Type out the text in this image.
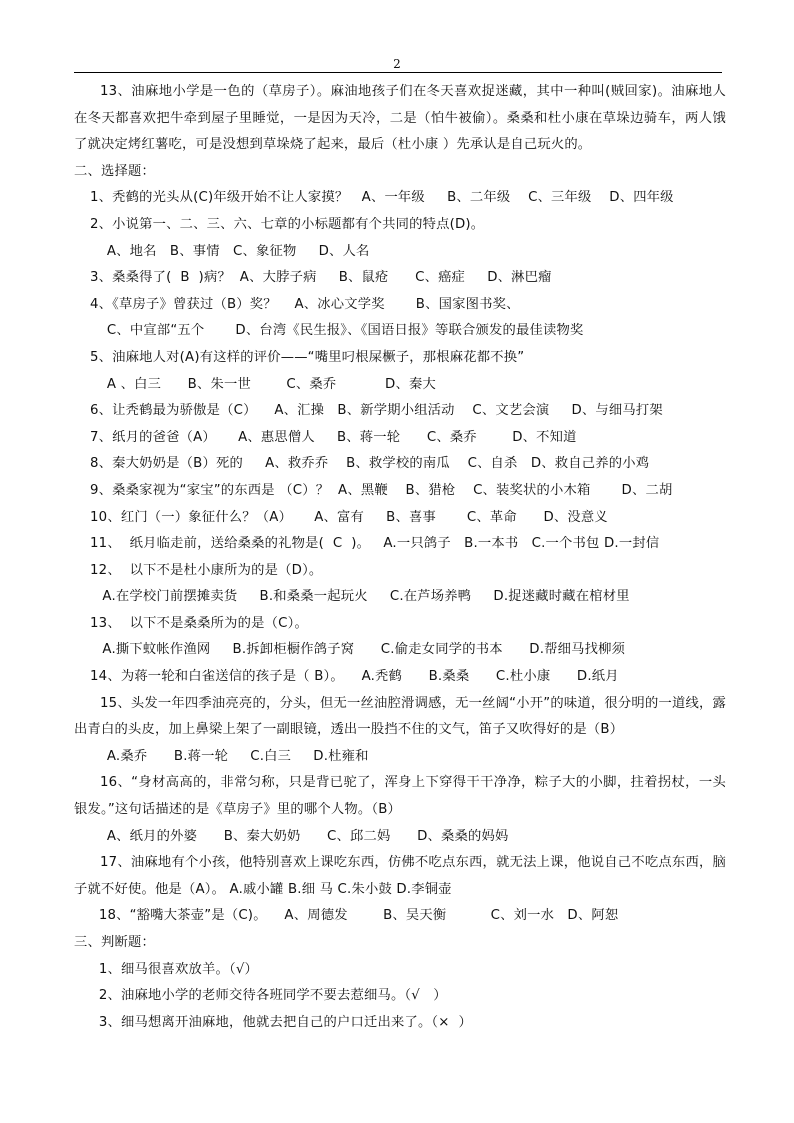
2
13、油麻地小学是一色的（草房子）。麻油地孩子们在冬天喜欢捉迷藏，其中一种叫(贼回家)。油麻地人在冬天都喜欢把牛牵到屋子里睡觉，一是因为天冷，二是（怕牛被偷）。桑桑和杜小康在草垛边骑车，两人饿了就决定烤红薯吃，可是没想到草垛烧了起来，最后（杜小康 ）先承认是自己玩火的。
二、选择题：
1、秃鹤的光头从(C)年级开始不让人家摸？   A、一年级     B、二年级    C、三年级    D、四年级
2、小说第一、二、三、六、七章的小标题都有个共同的特点(D)。
A、地名   B、事情   C、象征物     D、人名
3、桑桑得了(  B  )病？  A、大脖子病     B、鼠疮      C、癌症     D、淋巴瘤
4、《草房子》曾获过（B）奖？    A、冰心文学奖       B、国家图书奖、
C、中宣部“五个       D、台湾《民生报》、《国语日报》等联合颁发的最佳读物奖
5、油麻地人对(A)有这样的评价——“嘴里叼根屎橛子，那根麻花都不换”
A 、白三      B、朱一世        C、桑乔           D、秦大
6、让秃鹤最为骄傲是（C）    A、汇操   B、新学期小组活动    C、文艺会演     D、与细马打架
7、纸月的爸爸（A）     A、惠思僧人     B、蒋一轮      C、桑乔        D、不知道
8、秦大奶奶是（B）死的     A、救乔乔    B、救学校的南瓜    C、自杀   D、救自己养的小鸡
9、桑桑家视为“家宝”的东西是 （C）？  A、黑鞭    B、猎枪    C、装奖状的小木箱       D、二胡
10、红门（一）象征什么？（A）     A、富有     B、喜事       C、革命      D、没意义
11、  纸月临走前，送给桑桑的礼物是(  C  )。   A.一只鸽子   B.一本书   C.一个书包 D.一封信
12、  以下不是杜小康所为的是（D）。
A.在学校门前摆摊卖货     B.和桑桑一起玩火     C.在芦场养鸭     D.捉迷藏时藏在棺材里
13、  以下不是桑桑所为的是（C）。
A.撕下蚊帐作渔网     B.拆卸柜橱作鸽子窝      C.偷走女同学的书本      D.帮细马找柳须
14、为蒋一轮和白雀送信的孩子是（ B）。    A.秃鹤      B.桑桑      C.杜小康      D.纸月
15、头发一年四季油亮亮的，分头，但无一丝油腔滑调感，无一丝阔“小开”的味道，很分明的一道线，露出青白的头皮，加上鼻梁上架了一副眼镜，透出一股挡不住的文气，笛子又吹得好的是（B）
A.桑乔      B.蒋一轮     C.白三     D.杜雍和
16、“身材高高的，非常匀称，只是背已驼了，浑身上下穿得干干净净，粽子大的小脚，拄着拐杖，一头银发。”这句话描述的是《草房子》里的哪个人物。（B）
A、纸月的外婆      B、秦大奶奶      C、邱二妈      D、桑桑的妈妈
17、油麻地有个小孩，他特别喜欢上课吃东西，仿佛不吃点东西，就无法上课，他说自己不吃点东西，脑子就不好使。他是（A）。 A.戚小罐 B.细 马 C.朱小鼓 D.李铜壶
18、“豁嘴大茶壶”是（C)。    A、周德发        B、吴天衡          C、刘一水   D、阿恕
三、判断题：
1、细马很喜欢放羊。（√）
2、油麻地小学的老师交待各班同学不要去惹细马。（√   ）
3、细马想离开油麻地，他就去把自己的户口迁出来了。（×  ）
